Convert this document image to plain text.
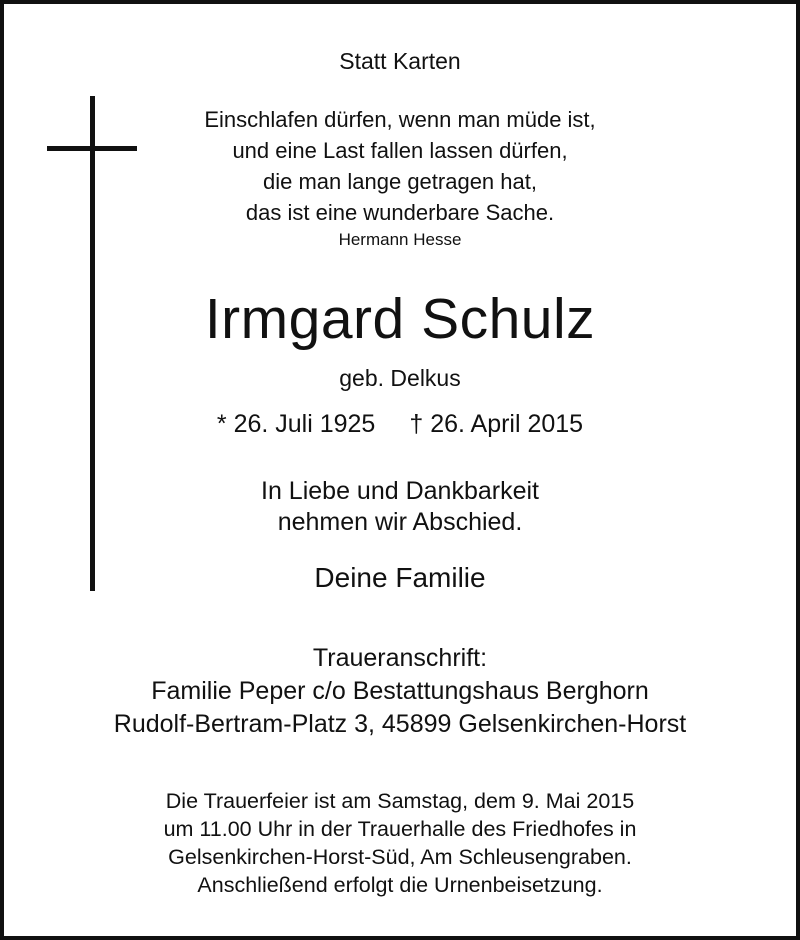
Statt Karten
Einschlafen dürfen, wenn man müde ist,
und eine Last fallen lassen dürfen,
die man lange getragen hat,
das ist eine wunderbare Sache.
Hermann Hesse
Irmgard Schulz
geb. Delkus
* 26. Juli 1925 † 26. April 2015
In Liebe und Dankbarkeit
nehmen wir Abschied.
Deine Familie
Traueranschrift:
Familie Peper c/o Bestattungshaus Berghorn
Rudolf-Bertram-Platz 3, 45899 Gelsenkirchen-Horst
Die Trauerfeier ist am Samstag, dem 9. Mai 2015
um 11.00 Uhr in der Trauerhalle des Friedhofes in
Gelsenkirchen-Horst-Süd, Am Schleusengraben.
Anschließend erfolgt die Urnenbeisetzung.
